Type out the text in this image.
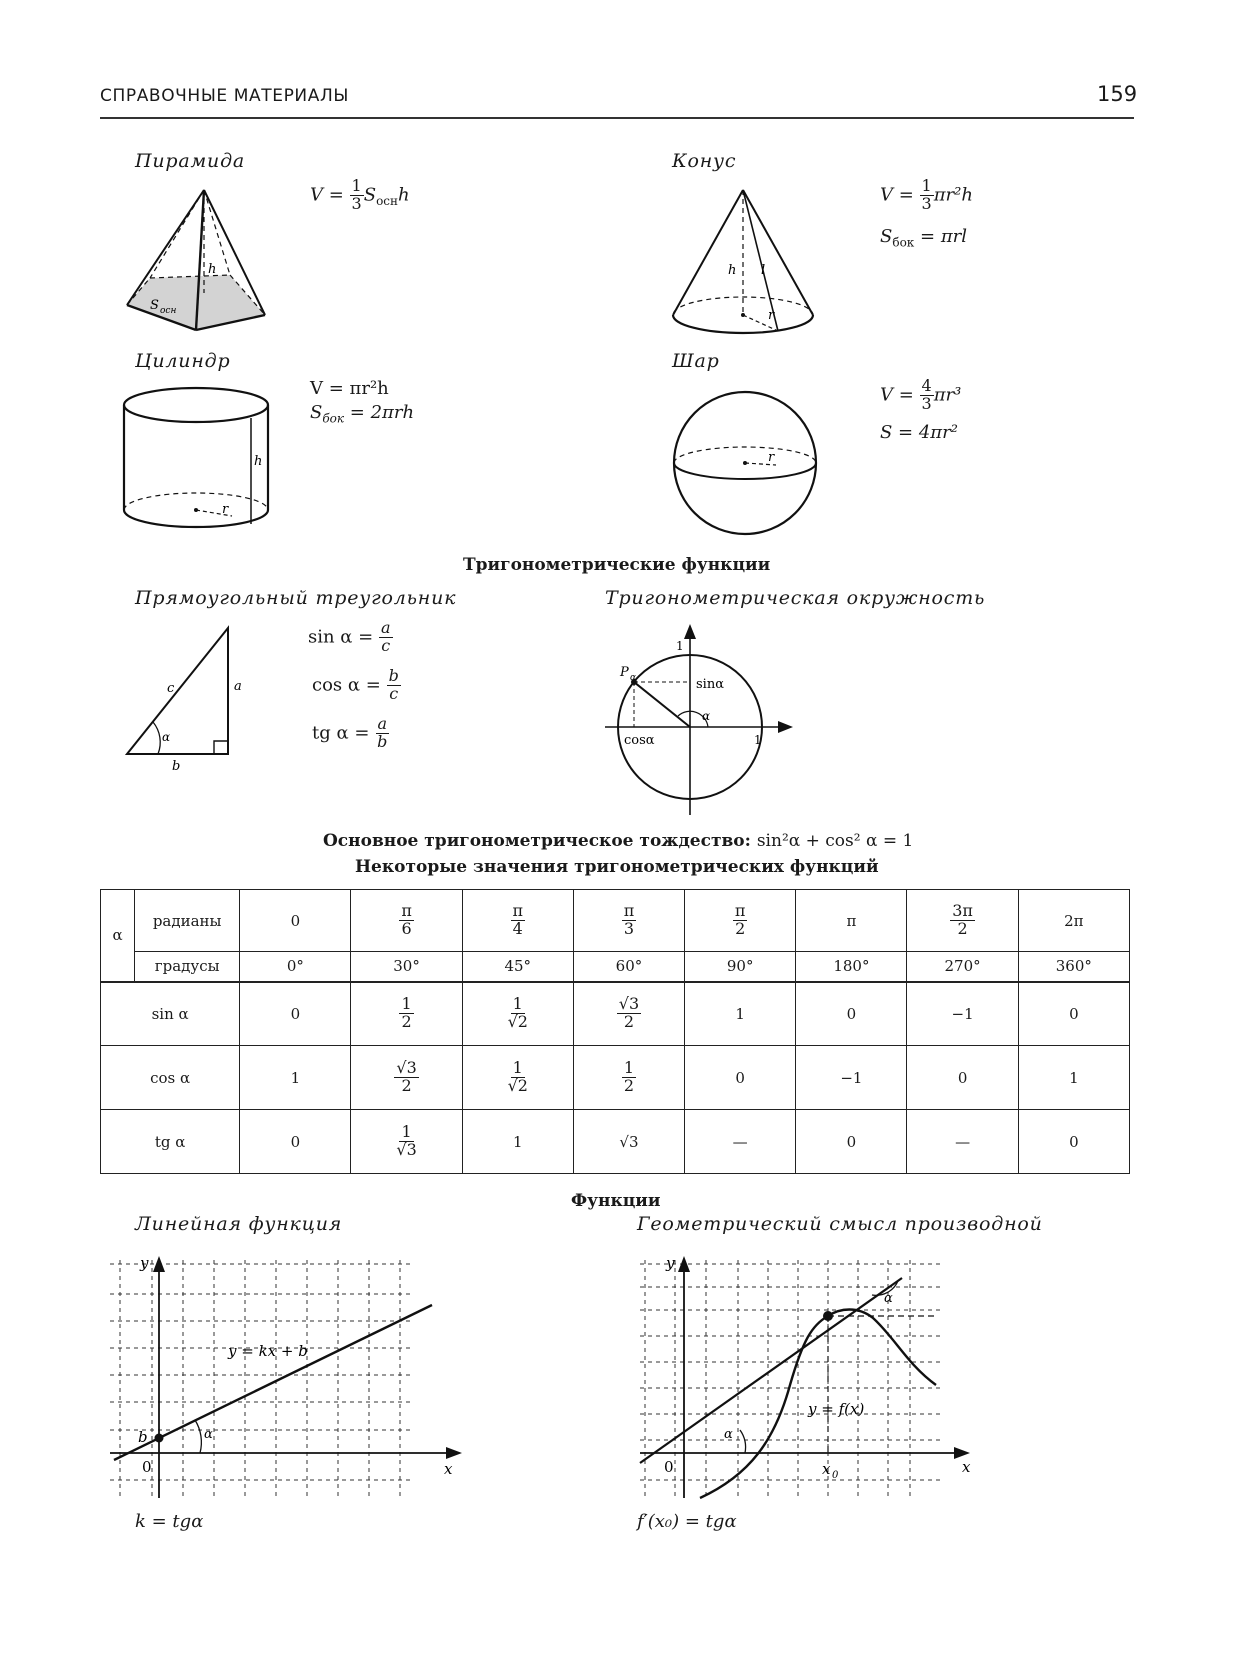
СПРАВОЧНЫЕ МАТЕРИАЛЫ	159
Пирамида
h
S осн
$V = \frac{1}{3} S_{осн}h$
Конус
h l
r
$V = \frac{1}{3} \pi r^2h$
$S_{бок} = \pi rl$
Цилиндр
h
r
V = πr²h
$S_{бок} = 2\pi rh$
Шар
r
$V = \frac{4}{3} \pi r^3$
S = 4πr²
Тригонометрические функции
Прямоугольный треугольник	Тригонометрическая окружность
c	a
b
α
$\sin \alpha = \frac{a}{c}$
$\cos \alpha = \frac{b}{c}$
tg $\alpha = \frac{a}{b}$
P α
1
1
sinα
cosα
α
Основное тригонометрическое тождество: sin²α + cos² α = 1
Некоторые значения тригонометрических функций
α	радианы	0	$\frac{\pi}{6}$	$\frac{\pi}{4}$	$\frac{\pi}{3}$	$\frac{\pi}{2}$	π	$\frac{3\pi}{2}$	2π
	градусы	0°	30°	45°	60°	90°	180°	270°	360°
sin α		0	$\frac{1}{2}$	$\frac{1}{√2}$	$\frac{√3}{2}$	1	0	−1	0
cos α		1	$\frac{√3}{2}$	$\frac{1}{√2}$	$\frac{1}{2}$	0	−1	0	1
tg α		0	$\frac{1}{√3}$	1	√3	—	0	—	0
Функции
Линейная функция	Геометрический смысл производной
y
x
0
b	α
y = kx + b
k = tgα
y
x
0	x 0
α
α
y = f(x)
f′(x₀) = tgα
